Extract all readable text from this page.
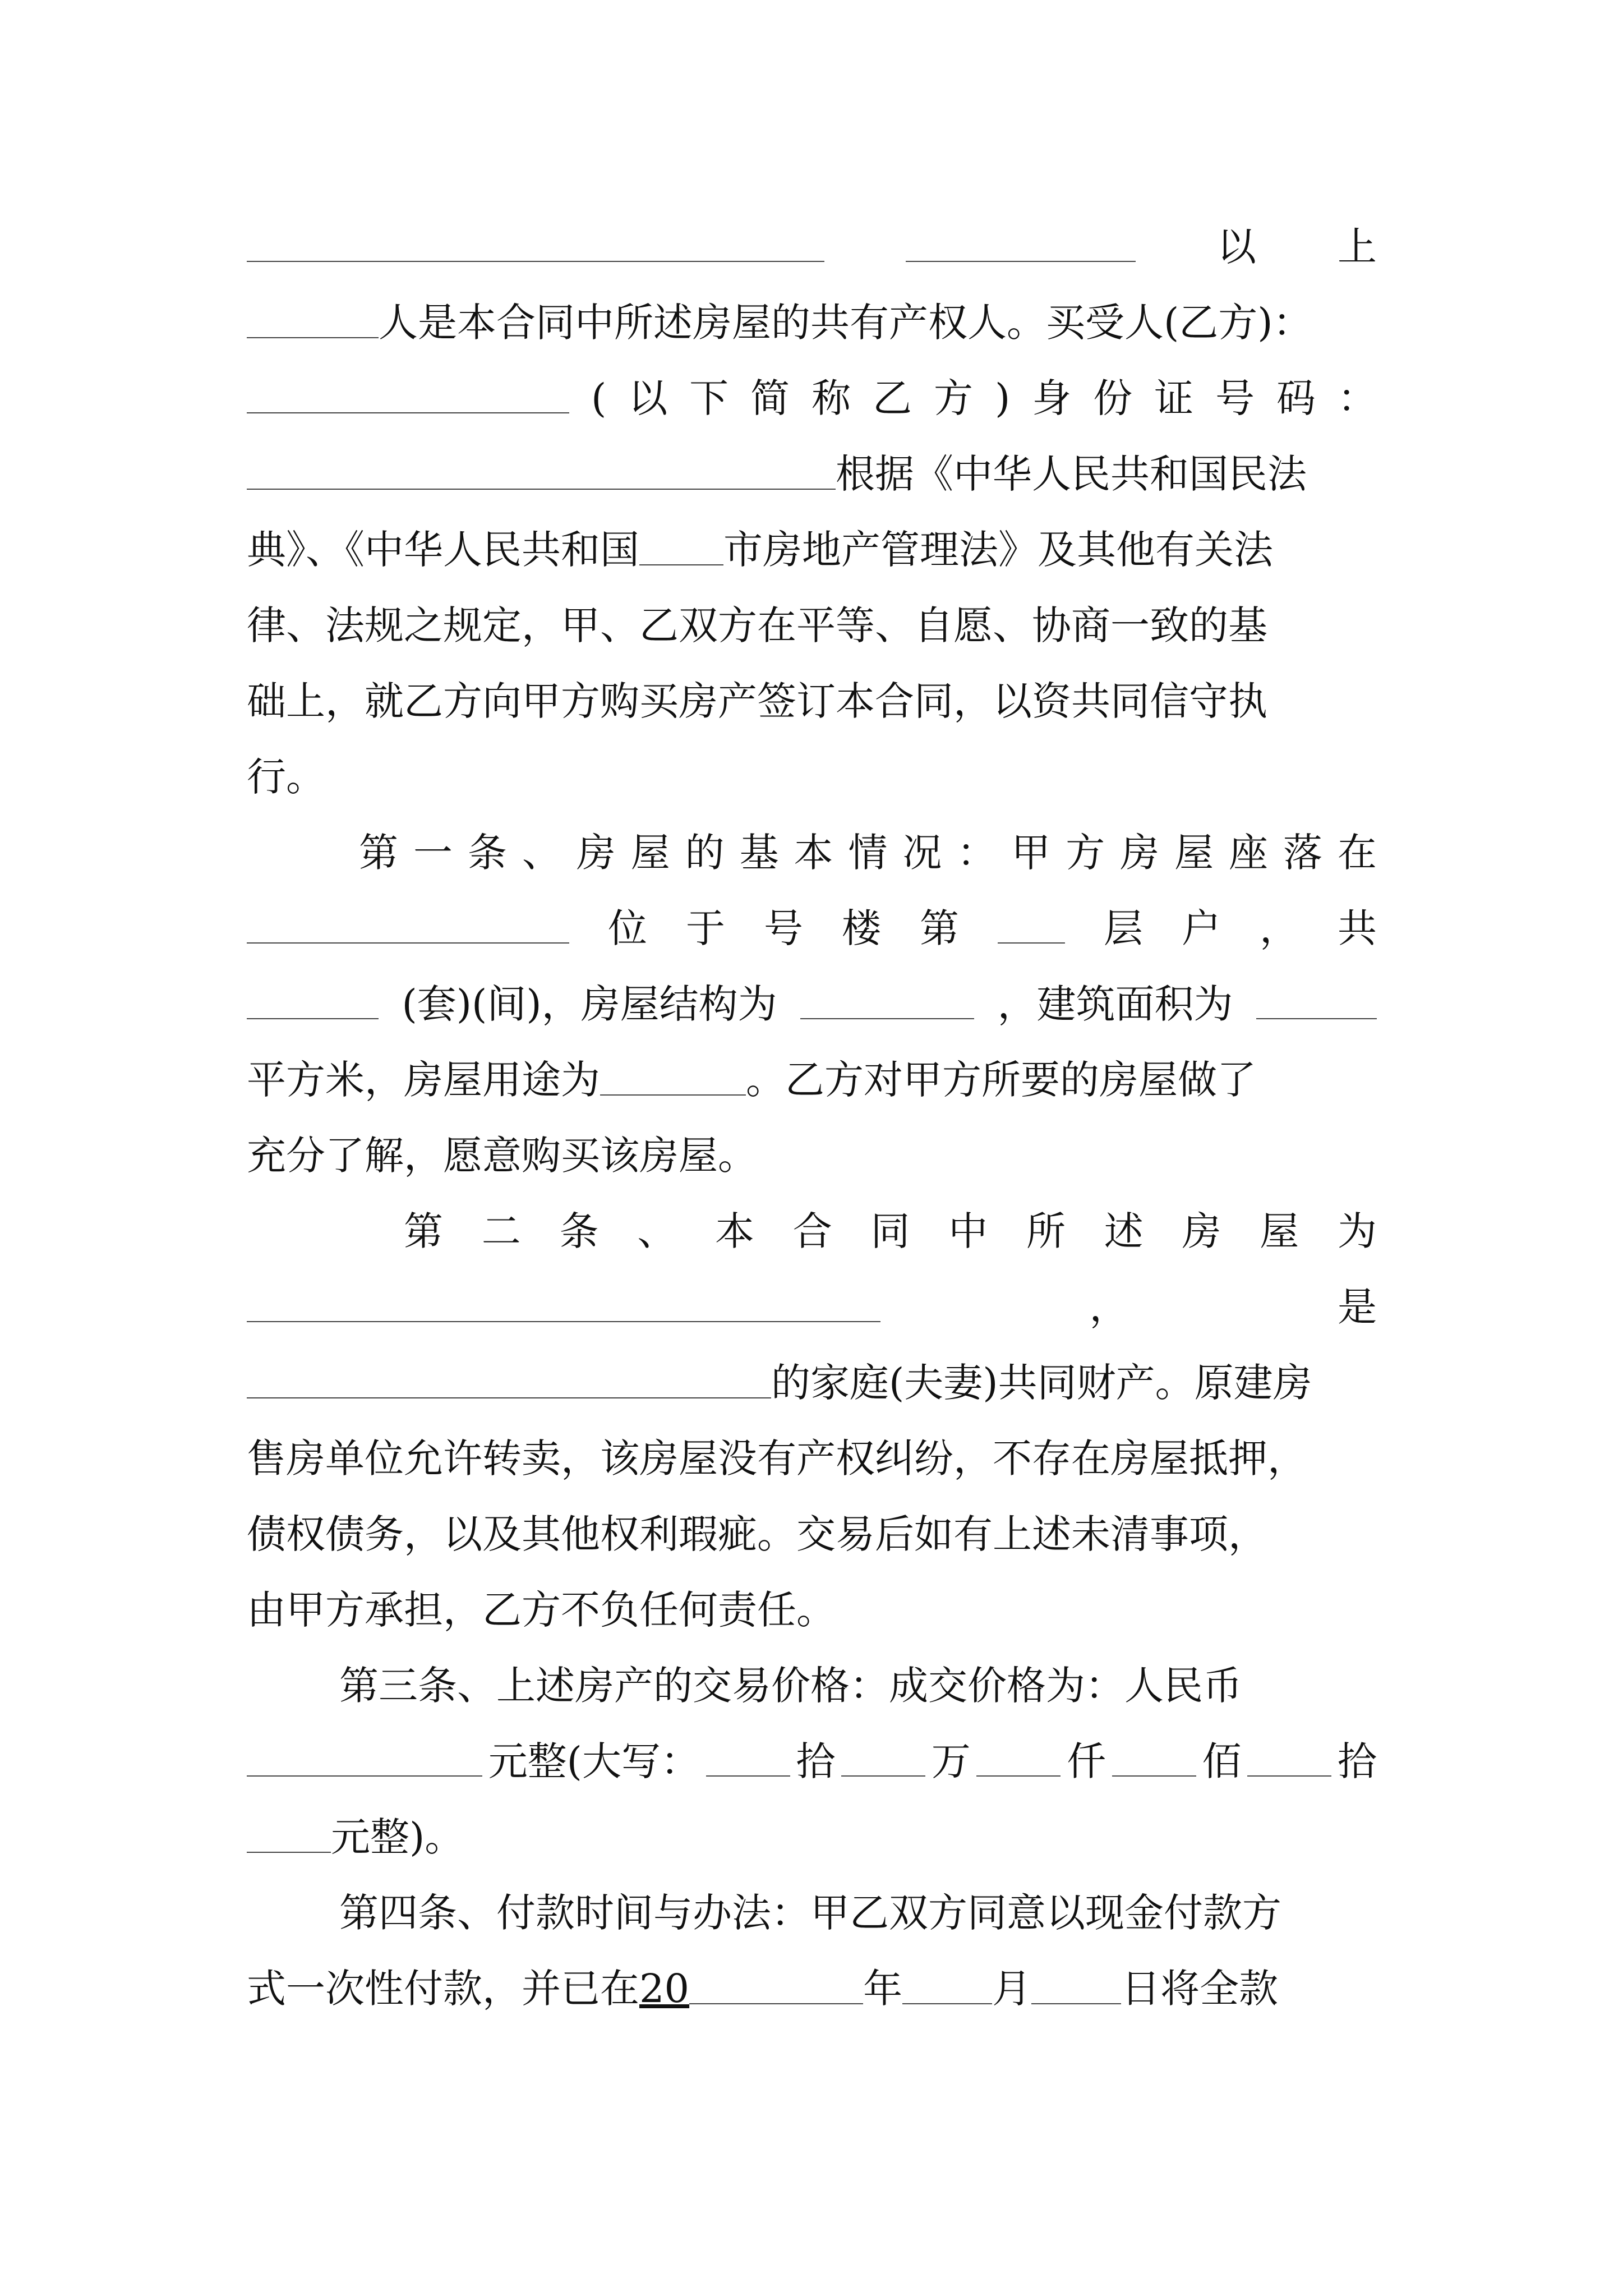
以 上
人是本合同中所述房屋的共有产权人。买受人(乙方)：
( 以 下 简 称 乙 方 ) 身 份 证 号 码 ：
根据《中华人民共和国民法
典》、《中华人民共和国 市房地产管理法》及其他有关法
律、法规之规定，甲、乙双方在平等、自愿、协商一致的基
础上，就乙方向甲方购买房产签订本合同，以资共同信守执
行。
第 一 条 、 房 屋 的 基 本 情 况 ： 甲 方 房 屋 座 落 在
位 于 号 楼 第	层 户 ， 共
(套)(间)，房屋结构为	，建筑面积为
平方米，房屋用途为	。乙方对甲方所要的房屋做了
充分了解，愿意购买该房屋。
第 二 条 、 本 合 同 中 所 述 房 屋 为
，	是
的家庭(夫妻)共同财产。原建房
售房单位允许转卖，该房屋没有产权纠纷，不存在房屋抵押，
债权债务，以及其他权利瑕疵。交易后如有上述未清事项，
由甲方承担，乙方不负任何责任。
第三条、上述房产的交易价格：成交价格为：人民币
元整(大写： 拾 万 仟 佰 拾
元整)。
第四条、付款时间与办法：甲乙双方同意以现金付款方
式一次性付款，并已在20	年 月 日将全款
